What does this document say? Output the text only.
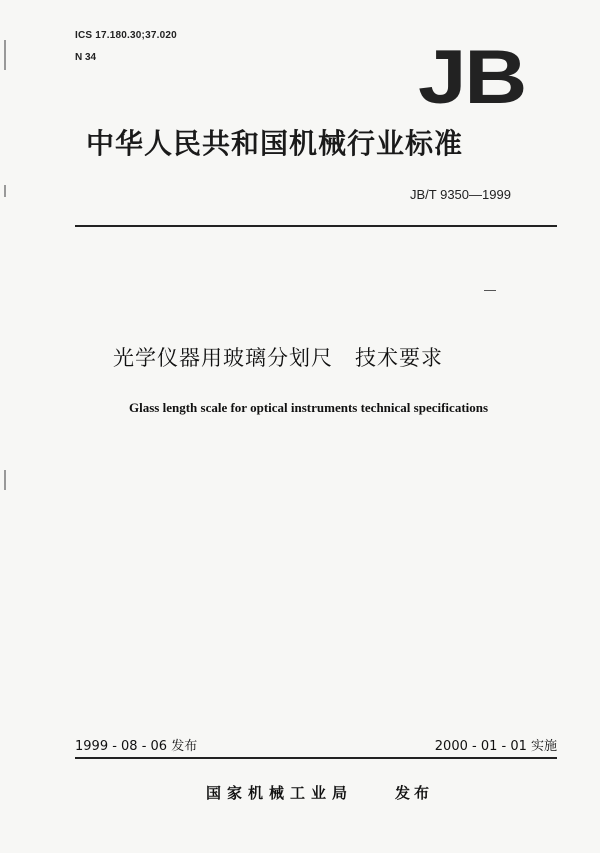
ICS 17.180.30;37.020
N 34	JB
中华人民共和国机械行业标准
JB/T 9350—1999
光学仪器用玻璃分划尺　技术要求
Glass length scale for optical instruments technical specifications
1999 - 08 - 06 发布	2000 - 01 - 01 实施
国家机械工业局	发布
